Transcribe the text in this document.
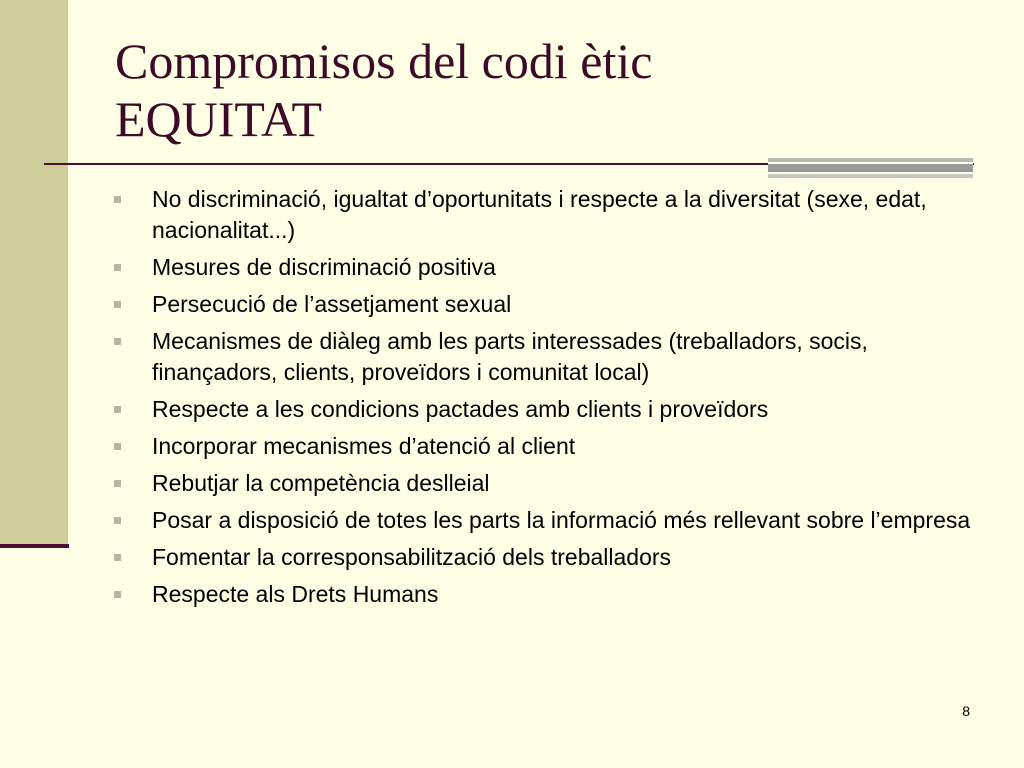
Compromisos del codi ètic
EQUITAT
No discriminació, igualtat d’oportunitats i respecte a la diversitat (sexe, edat, nacionalitat...)
Mesures de discriminació positiva
Persecució de l’assetjament sexual
Mecanismes de diàleg amb les parts interessades (treballadors, socis, finançadors, clients, proveïdors i comunitat local)
Respecte a les condicions pactades amb clients i proveïdors
Incorporar mecanismes d’atenció al client
Rebutjar la competència deslleial
Posar a disposició de totes les parts la informació més rellevant sobre l’empresa
Fomentar la corresponsabilització dels treballadors
Respecte als Drets Humans
8
